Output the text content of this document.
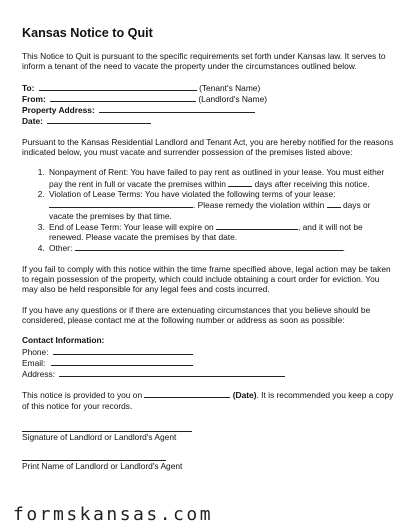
Kansas Notice to Quit

This Notice to Quit is pursuant to the specific requirements set forth under Kansas law. It serves to inform a tenant of the need to vacate the property under the circumstances outlined below.

To:	(Tenant's Name)
From:	(Landlord's Name)
Property Address:
Date:

Pursuant to the Kansas Residential Landlord and Tenant Act, you are hereby notified for the reasons indicated below, you must vacate and surrender possession of the premises listed above:

1. Nonpayment of Rent: You have failed to pay rent as outlined in your lease. You must either pay the rent in full or vacate the premises within	days after receiving this notice.
2. Violation of Lease Terms: You have violated the following terms of your lease: . Please remedy the violation within days or vacate the premises by that time.
3. End of Lease Term: Your lease will expire on	, and it will not be renewed. Please vacate the premises by that date.
4. Other:	.

If you fail to comply with this notice within the time frame specified above, legal action may be taken to regain possession of the property, which could include obtaining a court order for eviction. You may also be held responsible for any legal fees and costs incurred.

If you have any questions or if there are extenuating circumstances that you believe should be considered, please contact me at the following number or address as soon as possible:

Contact Information:
Phone:
Email:
Address:

This notice is provided to you on	(Date). It is recommended you keep a copy of this notice for your records.

Signature of Landlord or Landlord's Agent
Print Name of Landlord or Landlord's Agent
formskansas.com
